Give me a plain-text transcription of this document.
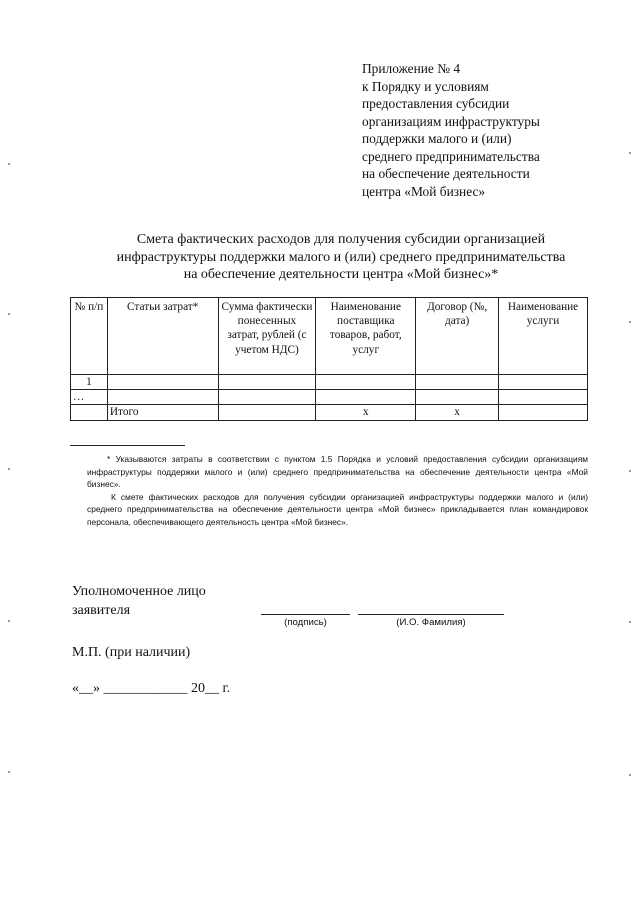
Приложение № 4
к Порядку и условиям
предоставления субсидии
организациям инфраструктуры
поддержки малого и (или)
среднего предпринимательства
на обеспечение деятельности
центра «Мой бизнес»
Смета фактических расходов для получения субсидии организацией
инфраструктуры поддержки малого и (или) среднего предпринимательства
на обеспечение деятельности центра «Мой бизнес»*
№ п/п	Статьи затрат*	Сумма фактически понесенных затрат, рублей (с учетом НДС)	Наименование поставщика товаров, работ, услуг	Договор (№, дата)	Наименование услуги
1					
…					
	Итого		х	х	

* Указываются затраты в соответствии с пунктом 1.5 Порядка и условий предоставления субсидии организациям инфраструктуры поддержки малого и (или) среднего предпринимательства на обеспечение деятельности центра «Мой бизнес».

К смете фактических расходов для получения субсидии организацией инфраструктуры поддержки малого и (или) среднего предпринимательства на обеспечение деятельности центра «Мой бизнес» прикладывается план командировок персонала, обеспечивающего деятельность центра «Мой бизнес».

Уполномоченное лицо
заявителя
(подпись)	(И.О. Фамилия)
М.П. (при наличии)
«__» ____________ 20__ г.
